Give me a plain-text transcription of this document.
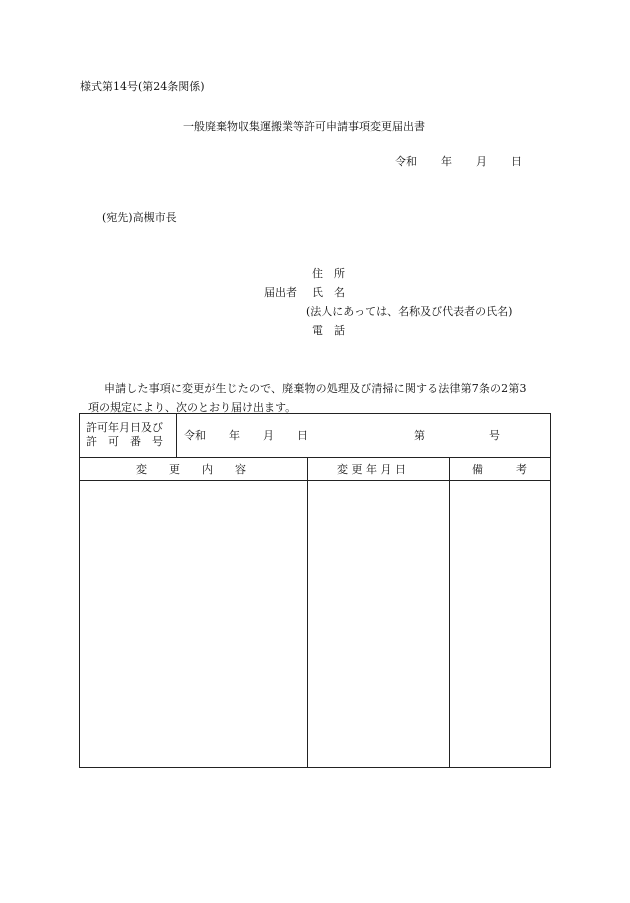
様式第14号(第24条関係)
一般廃棄物収集運搬業等許可申請事項変更届出書
令和 年 月 日
(宛先)高槻市長
住　所
届出者 氏　名
(法人にあっては、名称及び代表者の氏名)
電　話

申請した事項に変更が生じたので、廃棄物の処理及び清掃に関する法律第7条の2第3

項の規定により、次のとおり届け出ます。

許可年月日及び
許　可　番　号 令和 年 月 日	第	号
変　　更　　内　　容	変 更 年 月 日	備　　　考
